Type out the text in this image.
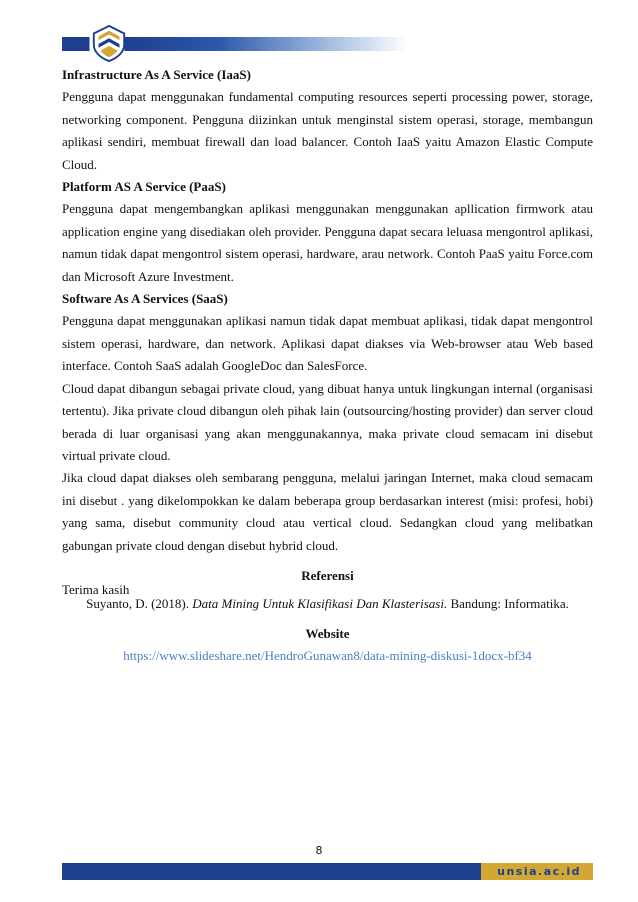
Infrastructure As A Service (IaaS)

Pengguna dapat menggunakan fundamental computing resources seperti processing power, storage, networking component. Pengguna diizinkan untuk menginstal sistem operasi, storage, membangun aplikasi sendiri, membuat firewall dan load balancer. Contoh IaaS yaitu Amazon Elastic Compute Cloud.

Platform AS A Service (PaaS)

Pengguna dapat mengembangkan aplikasi menggunakan menggunakan apllication firmwork atau application engine yang disediakan oleh provider. Pengguna dapat secara leluasa mengontrol aplikasi, namun tidak dapat mengontrol sistem operasi, hardware, arau network. Contoh PaaS yaitu Force.com dan Microsoft Azure Investment.

Software As A Services (SaaS)

Pengguna dapat menggunakan aplikasi namun tidak dapat membuat aplikasi, tidak dapat mengontrol sistem operasi, hardware, dan network. Aplikasi dapat diakses via Web-browser atau Web based interface. Contoh SaaS adalah GoogleDoc dan SalesForce.

Cloud dapat dibangun sebagai private cloud, yang dibuat hanya untuk lingkungan internal (organisasi tertentu). Jika private cloud dibangun oleh pihak lain (outsourcing/hosting provider) dan server cloud berada di luar organisasi yang akan menggunakannya, maka private cloud semacam ini disebut virtual private cloud.

Jika cloud dapat diakses oleh sembarang pengguna, melalui jaringan Internet, maka cloud semacam ini disebut . yang dikelompokkan ke dalam beberapa group berdasarkan interest (misi: profesi, hobi) yang sama, disebut community cloud atau vertical cloud. Sedangkan cloud yang melibatkan gabungan private cloud dengan disebut hybrid cloud.

Terima kasih

Referensi

Suyanto, D. (2018). Data Mining Untuk Klasifikasi Dan Klasterisasi. Bandung: Informatika.

Website

https://www.slideshare.net/HendroGunawan8/data-mining-diskusi-1docx-bf34
8
unsia.ac.id
